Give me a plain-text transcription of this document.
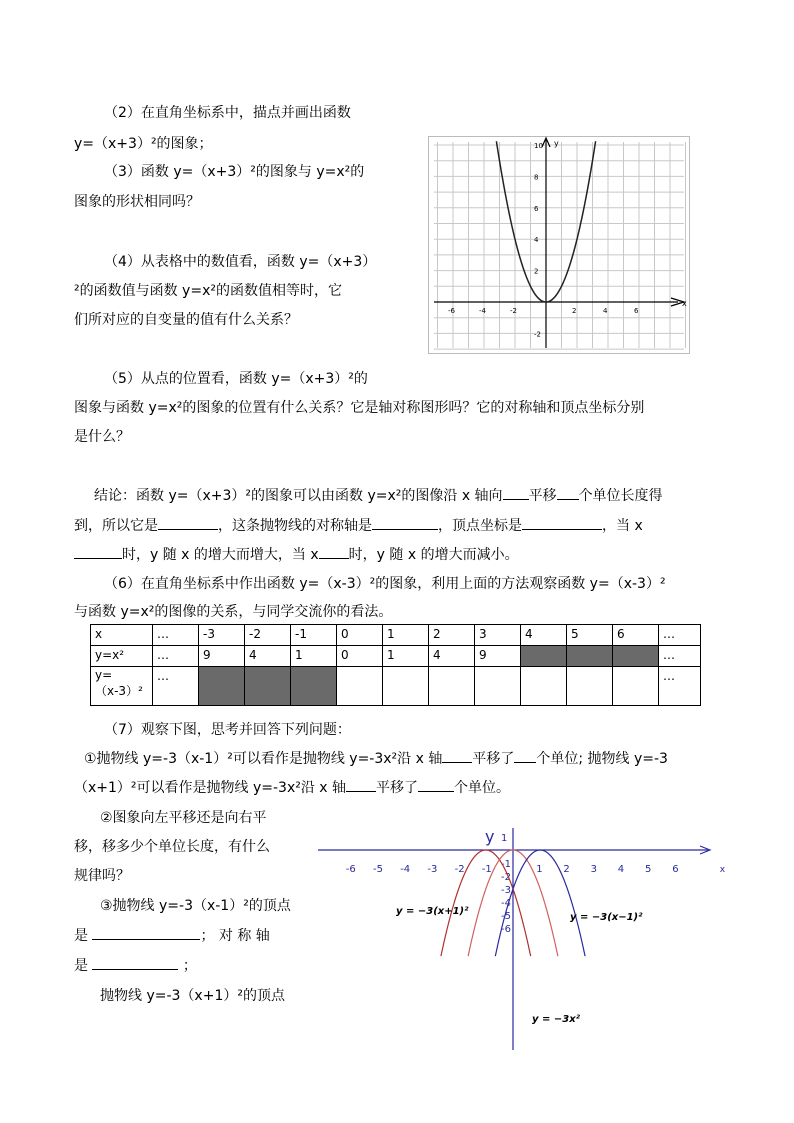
（2）在直角坐标系中，描点并画出函数
y=（x+3）²的图象；
（3）函数 y=（x+3）²的图象与 y=x²的
图象的形状相同吗？
（4）从表格中的数值看，函数 y=（x+3）
²的函数值与函数 y=x²的函数值相等时，它
们所对应的自变量的值有什么关系？
-6	-4	-2	2	4	6
10
8
6
4
2
-2
x
y
（5）从点的位置看，函数 y=（x+3）²的
图象与函数 y=x²的图象的位置有什么关系？它是轴对称图形吗？它的对称轴和顶点坐标分别
是什么？
结论：函数 y=（x+3）²的图象可以由函数 y=x²的图像沿 x 轴向 平移 个单位长度得
到，所以它是	，这条抛物线的对称轴是	，顶点坐标是	，当 x
时，y 随 x 的增大而增大，当 x 时，y 随 x 的增大而减小。
（6）在直角坐标系中作出函数 y=（x-3）²的图象，利用上面的方法观察函数 y=（x-3）²
与函数 y=x²的图像的关系，与同学交流你的看法。
x	…	-3	-2	-1	0	1	2	3	4	5	6	…
y=x²	…	9	4	1	0	1	4	9				…
y=
（x-3）²	…											…
（7）观察下图，思考并回答下列问题：
①抛物线 y=-3（x-1）²可以看作是抛物线 y=-3x²沿 x 轴 平移了 个单位; 抛物线 y=-3
（x+1）²可以看作是抛物线 y=-3x²沿 x 轴 平移了	个单位。
②图象向左平移还是向右平
移，移多少个单位长度，有什么
规律吗？
③抛物线 y=-3（x-1）²的顶点
是	； 对 称 轴
是	；
抛物线 y=-3（x+1）²的顶点
-6 -5 -4 -3 -2 -1	1 2 3 4 5 6
1
-1
-2
-3
-4
-5
-6
y
x
y = −3(x+1)²
y = −3(x−1)²
y = −3x²
